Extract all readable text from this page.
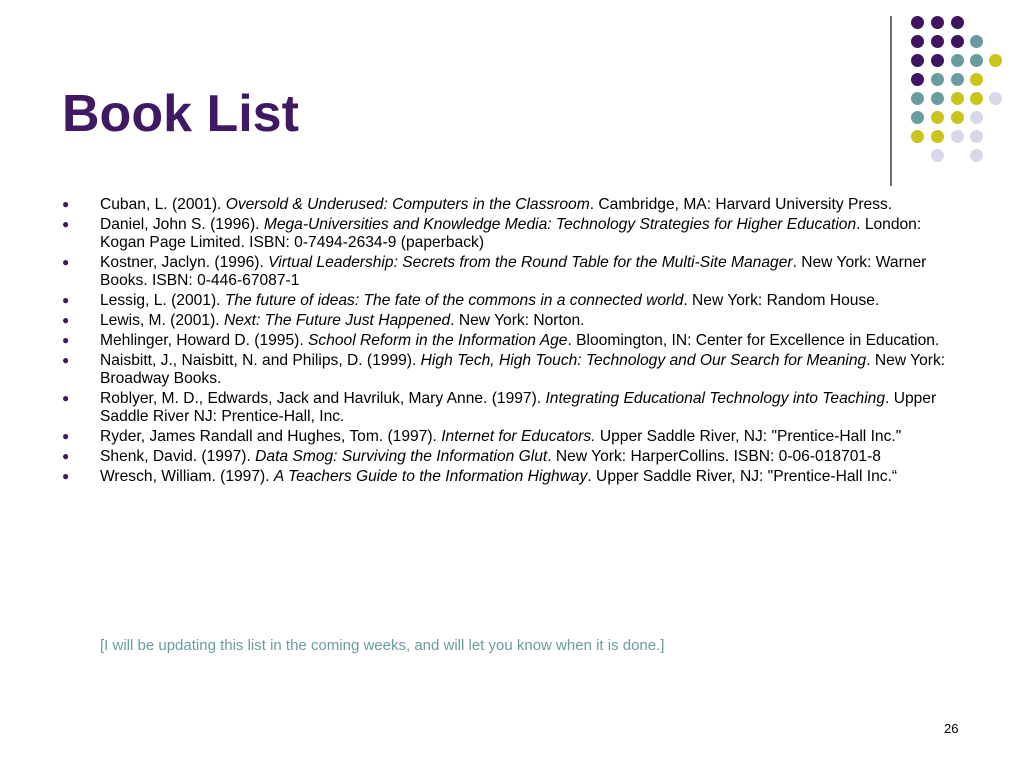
Book List
● Cuban, L. (2001). Oversold & Underused: Computers in the Classroom. Cambridge, MA: Harvard University Press.
● Daniel, John S. (1996). Mega-Universities and Knowledge Media: Technology Strategies for Higher Education. London: Kogan Page Limited. ISBN: 0-7494-2634-9 (paperback)
● Kostner, Jaclyn. (1996). Virtual Leadership: Secrets from the Round Table for the Multi-Site Manager. New York: Warner Books. ISBN: 0-446-67087-1
● Lessig, L. (2001). The future of ideas: The fate of the commons in a connected world. New York: Random House.
● Lewis, M. (2001). Next: The Future Just Happened. New York: Norton.
● Mehlinger, Howard D. (1995). School Reform in the Information Age. Bloomington, IN: Center for Excellence in Education.
● Naisbitt, J., Naisbitt, N. and Philips, D. (1999). High Tech, High Touch: Technology and Our Search for Meaning. New York: Broadway Books.
● Roblyer, M. D., Edwards, Jack and Havriluk, Mary Anne. (1997). Integrating Educational Technology into Teaching. Upper Saddle River NJ: Prentice-Hall, Inc.
● Ryder, James Randall and Hughes, Tom. (1997). Internet for Educators. Upper Saddle River, NJ: "Prentice-Hall Inc."
● Shenk, David. (1997). Data Smog: Surviving the Information Glut. New York: HarperCollins. ISBN: 0-06-018701-8
● Wresch, William. (1997). A Teachers Guide to the Information Highway. Upper Saddle River, NJ: "Prentice-Hall Inc.“

[I will be updating this list in the coming weeks, and will let you know when it is done.]

26
